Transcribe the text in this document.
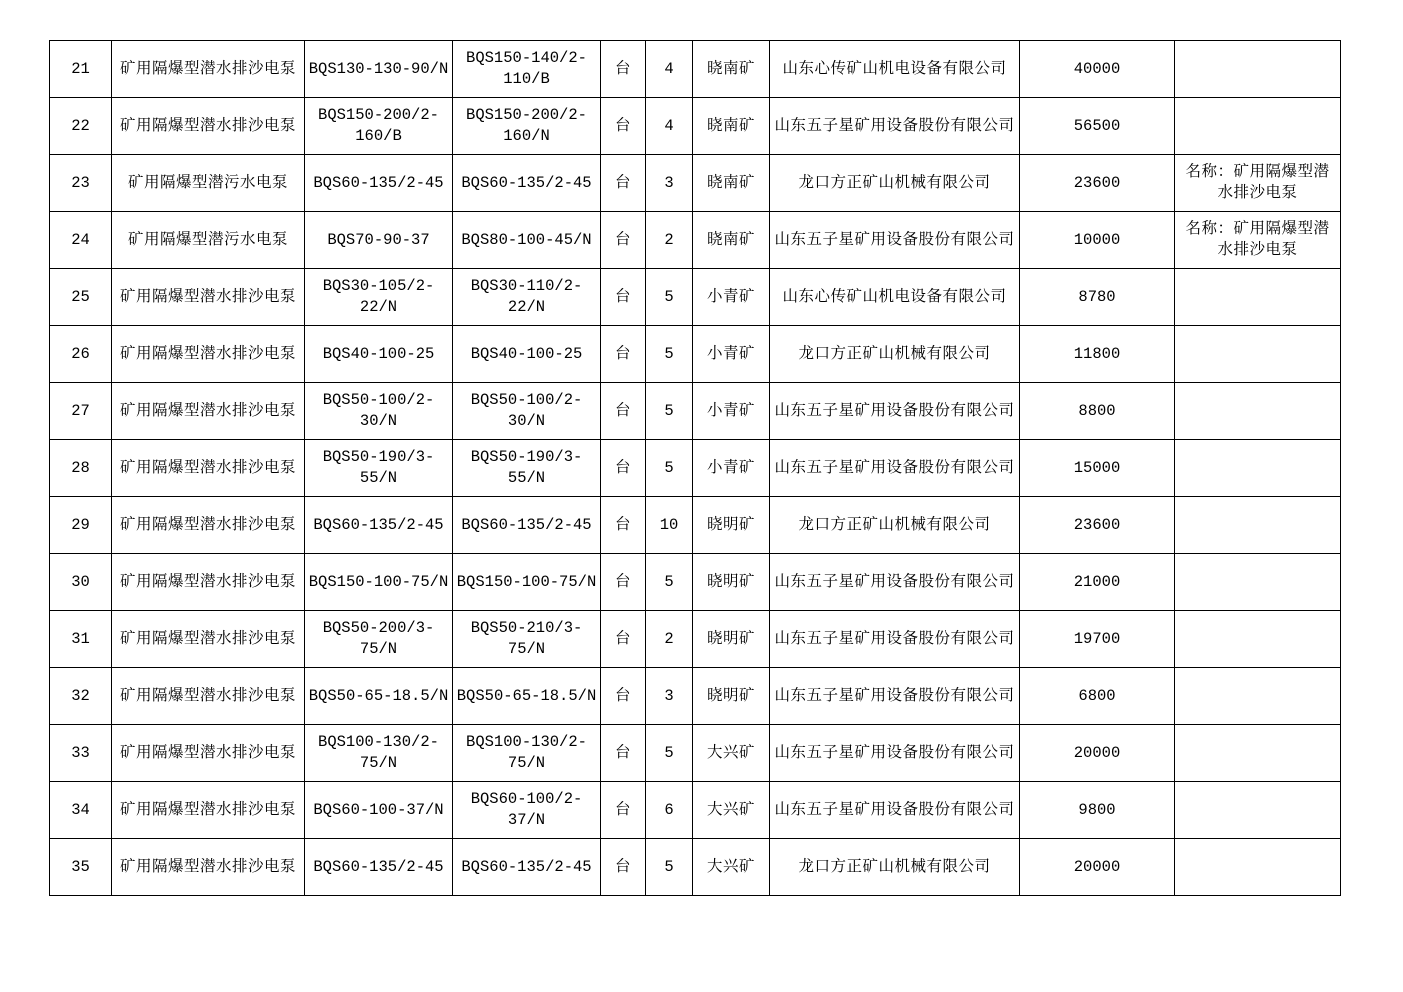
21	矿用隔爆型潜水排沙电泵	BQS130-130-90/N	BQS150-140/2-110/B	台	4	晓南矿	山东心传矿山机电设备有限公司	40000	
22	矿用隔爆型潜水排沙电泵	BQS150-200/2-160/B	BQS150-200/2-160/N	台	4	晓南矿	山东五子星矿用设备股份有限公司	56500	
23	矿用隔爆型潜污水电泵	BQS60-135/2-45	BQS60-135/2-45	台	3	晓南矿	龙口方正矿山机械有限公司	23600	名称：矿用隔爆型潜水排沙电泵
24	矿用隔爆型潜污水电泵	BQS70-90-37	BQS80-100-45/N	台	2	晓南矿	山东五子星矿用设备股份有限公司	10000	名称：矿用隔爆型潜水排沙电泵
25	矿用隔爆型潜水排沙电泵	BQS30-105/2-22/N	BQS30-110/2-22/N	台	5	小青矿	山东心传矿山机电设备有限公司	8780	
26	矿用隔爆型潜水排沙电泵	BQS40-100-25	BQS40-100-25	台	5	小青矿	龙口方正矿山机械有限公司	11800	
27	矿用隔爆型潜水排沙电泵	BQS50-100/2-30/N	BQS50-100/2-30/N	台	5	小青矿	山东五子星矿用设备股份有限公司	8800	
28	矿用隔爆型潜水排沙电泵	BQS50-190/3-55/N	BQS50-190/3-55/N	台	5	小青矿	山东五子星矿用设备股份有限公司	15000	
29	矿用隔爆型潜水排沙电泵	BQS60-135/2-45	BQS60-135/2-45	台	10	晓明矿	龙口方正矿山机械有限公司	23600	
30	矿用隔爆型潜水排沙电泵	BQS150-100-75/N	BQS150-100-75/N	台	5	晓明矿	山东五子星矿用设备股份有限公司	21000	
31	矿用隔爆型潜水排沙电泵	BQS50-200/3-75/N	BQS50-210/3-75/N	台	2	晓明矿	山东五子星矿用设备股份有限公司	19700	
32	矿用隔爆型潜水排沙电泵	BQS50-65-18.5/N	BQS50-65-18.5/N	台	3	晓明矿	山东五子星矿用设备股份有限公司	6800	
33	矿用隔爆型潜水排沙电泵	BQS100-130/2-75/N	BQS100-130/2-75/N	台	5	大兴矿	山东五子星矿用设备股份有限公司	20000	
34	矿用隔爆型潜水排沙电泵	BQS60-100-37/N	BQS60-100/2-37/N	台	6	大兴矿	山东五子星矿用设备股份有限公司	9800	
35	矿用隔爆型潜水排沙电泵	BQS60-135/2-45	BQS60-135/2-45	台	5	大兴矿	龙口方正矿山机械有限公司	20000	
